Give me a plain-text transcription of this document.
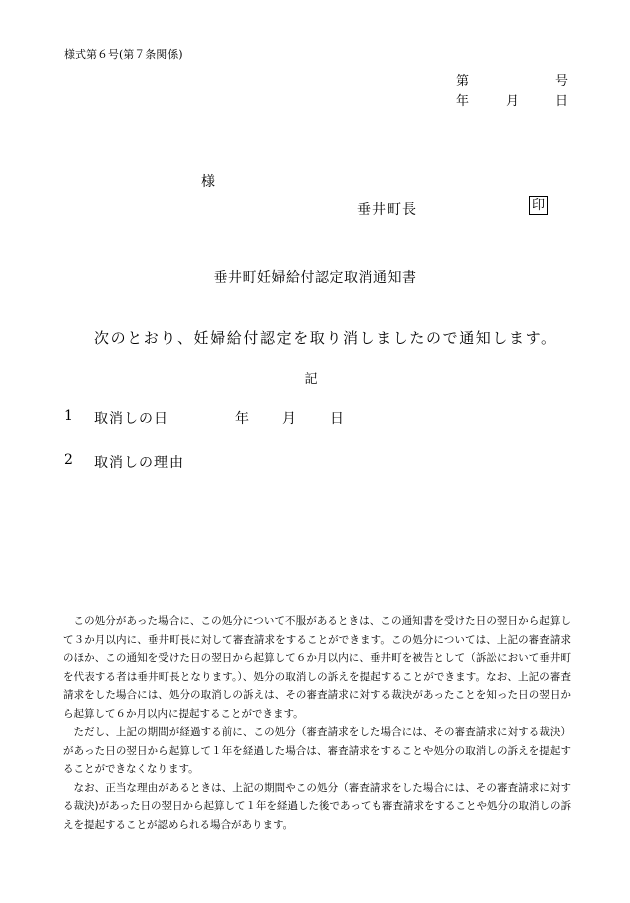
様式第６号(第７条関係)
第	号
年	月	日
様
垂井町長	印
垂井町妊婦給付認定取消通知書
次のとおり、妊婦給付認定を取り消しましたので通知します。
記
1 取消しの日	年 月 日
2 取消しの理由

この処分があった場合に、この処分について不服があるときは、この通知書を受けた日の翌日から起算して３か月以内に、垂井町長に対して審査請求をすることができます。この処分については、上記の審査請求のほか、この通知を受けた日の翌日から起算して６か月以内に、垂井町を被告として（訴訟において垂井町を代表する者は垂井町長となります。）、処分の取消しの訴えを提起することができます。なお、上記の審査請求をした場合には、処分の取消しの訴えは、その審査請求に対する裁決があったことを知った日の翌日から起算して６か月以内に提起することができます。

ただし、上記の期間が経過する前に、この処分（審査請求をした場合には、その審査請求に対する裁決）があった日の翌日から起算して１年を経過した場合は、審査請求をすることや処分の取消しの訴えを提起することができなくなります。

なお、正当な理由があるときは、上記の期間やこの処分（審査請求をした場合には、その審査請求に対する裁決)があった日の翌日から起算して１年を経過した後であっても審査請求をすることや処分の取消しの訴えを提起することが認められる場合があります。
